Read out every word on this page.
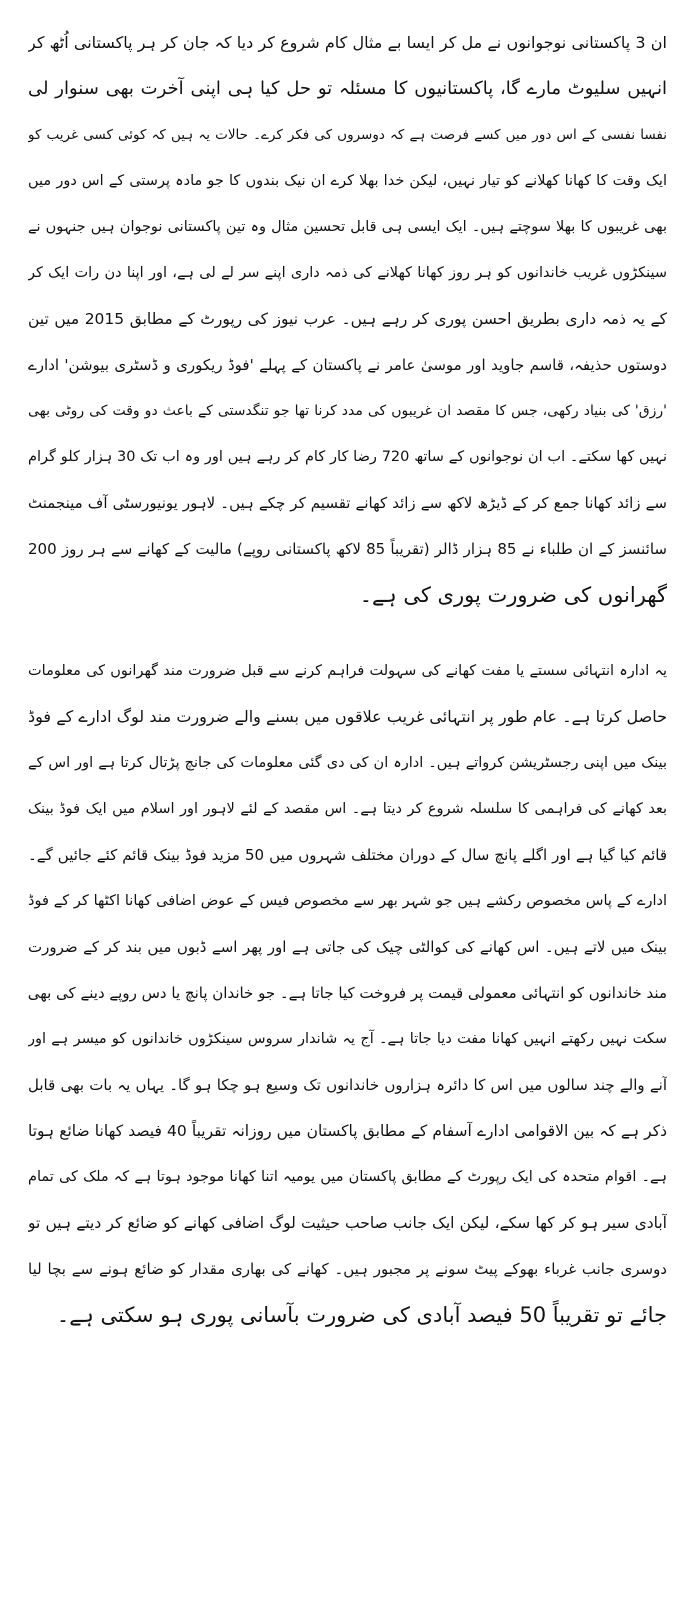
ان 3 پاکستانی نوجوانوں نے مل کر ایسا بے مثال کام شروع کر دیا کہ جان کر ہر پاکستانی اُٹھ کر
انہیں سلیوٹ مارے گا، پاکستانیوں کا مسئلہ تو حل کیا ہی اپنی آخرت بھی سنوار لی
نفسا نفسی کے اس دور میں کسے فرصت ہے کہ دوسروں کی فکر کرے۔ حالات یہ ہیں کہ کوئی کسی غریب کو
ایک وقت کا کھانا کھلانے کو تیار نہیں، لیکن خدا بھلا کرے ان نیک بندوں کا جو مادہ پرستی کے اس دور میں
بھی غریبوں کا بھلا سوچتے ہیں۔ ایک ایسی ہی قابل تحسین مثال وہ تین پاکستانی نوجوان ہیں جنہوں نے
سینکڑوں غریب خاندانوں کو ہر روز کھانا کھلانے کی ذمہ داری اپنے سر لے لی ہے، اور اپنا دن رات ایک کر
کے یہ ذمہ داری بطریق احسن پوری کر رہے ہیں۔ عرب نیوز کی رپورٹ کے مطابق 2015 میں تین
دوستوں حذیفہ، قاسم جاوید اور موسیٰ عامر نے پاکستان کے پہلے 'فوڈ ریکوری و ڈسٹری بیوشن' ادارے
'رزق' کی بنیاد رکھی، جس کا مقصد ان غریبوں کی مدد کرنا تھا جو تنگدستی کے باعث دو وقت کی روٹی بھی
نہیں کھا سکتے۔ اب ان نوجوانوں کے ساتھ 720 رضا کار کام کر رہے ہیں اور وہ اب تک 30 ہزار کلو گرام
سے زائد کھانا جمع کر کے ڈیڑھ لاکھ سے زائد کھانے تقسیم کر چکے ہیں۔ لاہور یونیورسٹی آف مینجمنٹ
سائنسز کے ان طلباء نے 85 ہزار ڈالر (تقریباً 85 لاکھ پاکستانی روپے) مالیت کے کھانے سے ہر روز 200
گھرانوں کی ضرورت پوری کی ہے۔
یہ ادارہ انتہائی سستے یا مفت کھانے کی سہولت فراہم کرنے سے قبل ضرورت مند گھرانوں کی معلومات
حاصل کرتا ہے۔ عام طور پر انتہائی غریب علاقوں میں بسنے والے ضرورت مند لوگ ادارے کے فوڈ
بینک میں اپنی رجسٹریشن کرواتے ہیں۔ ادارہ ان کی دی گئی معلومات کی جانچ پڑتال کرتا ہے اور اس کے
بعد کھانے کی فراہمی کا سلسلہ شروع کر دیتا ہے۔ اس مقصد کے لئے لاہور اور اسلام میں ایک فوڈ بینک
قائم کیا گیا ہے اور اگلے پانچ سال کے دوران مختلف شہروں میں 50 مزید فوڈ بینک قائم کئے جائیں گے۔
ادارے کے پاس مخصوص رکشے ہیں جو شہر بھر سے مخصوص فیس کے عوض اضافی کھانا اکٹھا کر کے فوڈ
بینک میں لاتے ہیں۔ اس کھانے کی کوالٹی چیک کی جاتی ہے اور پھر اسے ڈبوں میں بند کر کے ضرورت
مند خاندانوں کو انتہائی معمولی قیمت پر فروخت کیا جاتا ہے۔ جو خاندان پانچ یا دس روپے دینے کی بھی
سکت نہیں رکھتے انہیں کھانا مفت دیا جاتا ہے۔ آج یہ شاندار سروس سینکڑوں خاندانوں کو میسر ہے اور
آنے والے چند سالوں میں اس کا دائرہ ہزاروں خاندانوں تک وسیع ہو چکا ہو گا۔ یہاں یہ بات بھی قابل
ذکر ہے کہ بین الاقوامی ادارے آسفام کے مطابق پاکستان میں روزانہ تقریباً 40 فیصد کھانا ضائع ہوتا
ہے۔ اقوام متحدہ کی ایک رپورٹ کے مطابق پاکستان میں یومیہ اتنا کھانا موجود ہوتا ہے کہ ملک کی تمام
آبادی سیر ہو کر کھا سکے، لیکن ایک جانب صاحب حیثیت لوگ اضافی کھانے کو ضائع کر دیتے ہیں تو
دوسری جانب غرباء بھوکے پیٹ سونے پر مجبور ہیں۔ کھانے کی بھاری مقدار کو ضائع ہونے سے بچا لیا
جائے تو تقریباً 50 فیصد آبادی کی ضرورت بآسانی پوری ہو سکتی ہے۔
